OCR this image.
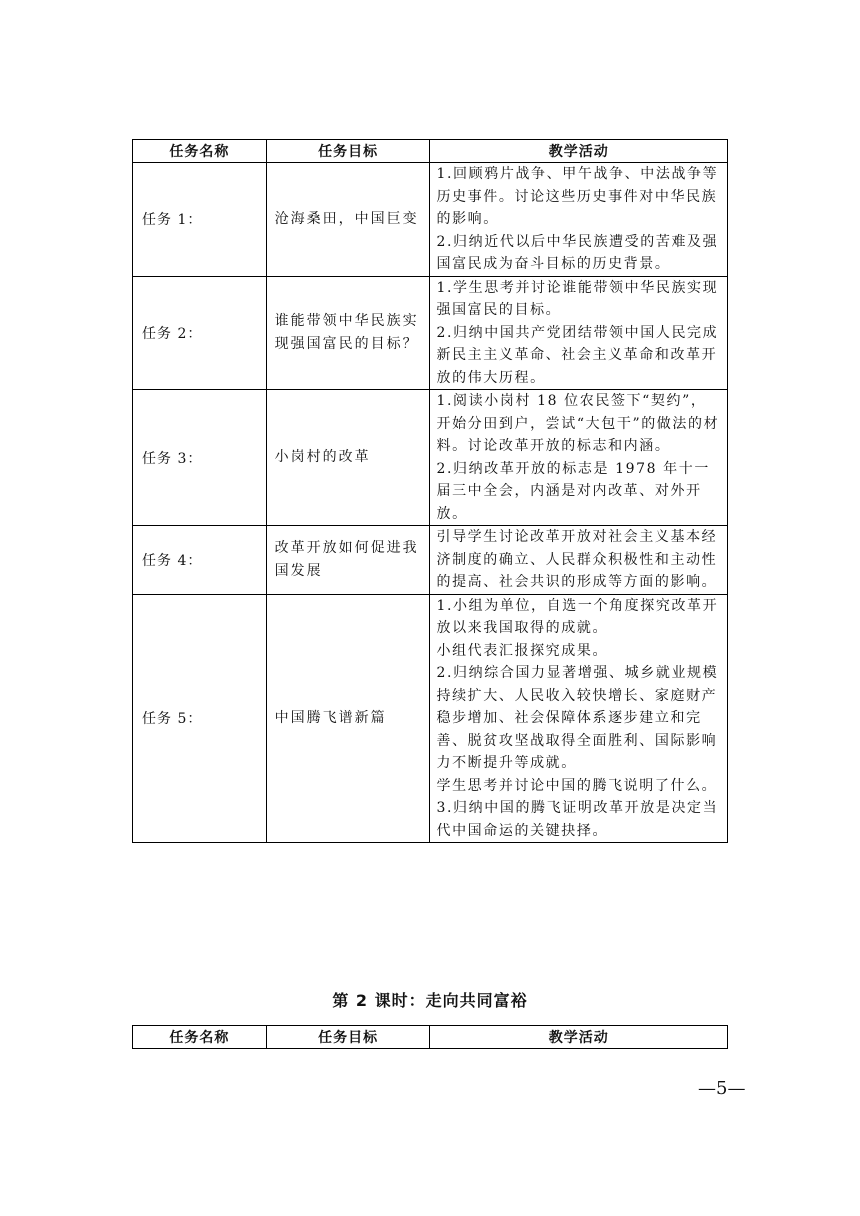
任务名称	任务目标	教学活动
任务 1：	沧海桑田，中国巨变	1.回顾鸦片战争、甲午战争、中法战争等历史事件。讨论这些历史事件对中华民族的影响。

2.归纳近代以后中华民族遭受的苦难及强国富民成为奋斗目标的历史背景。

任务 2：	谁能带领中华民族实现强国富民的目标？	1.学生思考并讨论谁能带领中华民族实现强国富民的目标。

2.归纳中国共产党团结带领中国人民完成新民主主义革命、社会主义革命和改革开放的伟大历程。

任务 3：	小岗村的改革	1.阅读小岗村 18 位农民签下“契约”，开始分田到户，尝试“大包干”的做法的材料。讨论改革开放的标志和内涵。

2.归纳改革开放的标志是 1978 年十一届三中全会，内涵是对内改革、对外开放。

任务 4：	改革开放如何促进我国发展	引导学生讨论改革开放对社会主义基本经济制度的确立、人民群众积极性和主动性的提高、社会共识的形成等方面的影响。

任务 5：	中国腾飞谱新篇	1.小组为单位，自选一个角度探究改革开放以来我国取得的成就。

小组代表汇报探究成果。

2.归纳综合国力显著增强、城乡就业规模持续扩大、人民收入较快增长、家庭财产稳步增加、社会保障体系逐步建立和完善、脱贫攻坚战取得全面胜利、国际影响力不断提升等成就。

学生思考并讨论中国的腾飞说明了什么。

3.归纳中国的腾飞证明改革开放是决定当代中国命运的关键抉择。

第 2 课时：走向共同富裕
任务名称	任务目标	教学活动
—5—
